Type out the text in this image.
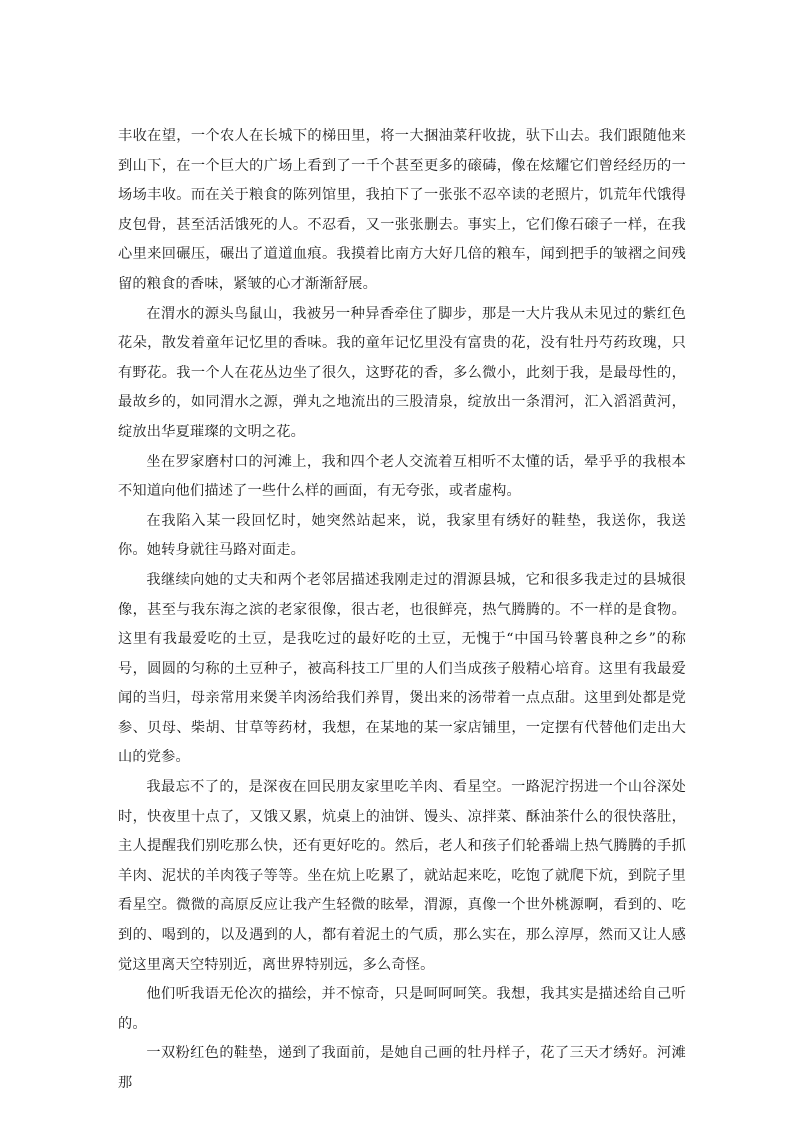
丰收在望，一个农人在长城下的梯田里，将一大捆油菜秆收拢，驮下山去。我们跟随他来到山下，在一个巨大的广场上看到了一千个甚至更多的磙碡，像在炫耀它们曾经经历的一场场丰收。而在关于粮食的陈列馆里，我拍下了一张张不忍卒读的老照片，饥荒年代饿得皮包骨，甚至活活饿死的人。不忍看，又一张张删去。事实上，它们像石磙子一样，在我心里来回碾压，碾出了道道血痕。我摸着比南方大好几倍的粮车，闻到把手的皱褶之间残留的粮食的香味，紧皱的心才渐渐舒展。

在渭水的源头鸟鼠山，我被另一种异香牵住了脚步，那是一大片我从未见过的紫红色花朵，散发着童年记忆里的香味。我的童年记忆里没有富贵的花，没有牡丹芍药玫瑰，只有野花。我一个人在花丛边坐了很久，这野花的香，多么微小，此刻于我，是最母性的，最故乡的，如同渭水之源，弹丸之地流出的三股清泉，绽放出一条渭河，汇入滔滔黄河，绽放出华夏璀璨的文明之花。

坐在罗家磨村口的河滩上，我和四个老人交流着互相听不太懂的话，晕乎乎的我根本不知道向他们描述了一些什么样的画面，有无夸张，或者虚构。

在我陷入某一段回忆时，她突然站起来，说，我家里有绣好的鞋垫，我送你，我送你。她转身就往马路对面走。

我继续向她的丈夫和两个老邻居描述我刚走过的渭源县城，它和很多我走过的县城很像，甚至与我东海之滨的老家很像，很古老，也很鲜亮，热气腾腾的。不一样的是食物。这里有我最爱吃的土豆，是我吃过的最好吃的土豆，无愧于“中国马铃薯良种之乡”的称号，圆圆的匀称的土豆种子，被高科技工厂里的人们当成孩子般精心培育。这里有我最爱闻的当归，母亲常用来煲羊肉汤给我们养胃，煲出来的汤带着一点点甜。这里到处都是党参、贝母、柴胡、甘草等药材，我想，在某地的某一家店铺里，一定摆有代替他们走出大山的党参。

我最忘不了的，是深夜在回民朋友家里吃羊肉、看星空。一路泥泞拐进一个山谷深处时，快夜里十点了，又饿又累，炕桌上的油饼、馒头、凉拌菜、酥油茶什么的很快落肚，主人提醒我们别吃那么快，还有更好吃的。然后，老人和孩子们轮番端上热气腾腾的手抓羊肉、泥状的羊肉筏子等等。坐在炕上吃累了，就站起来吃，吃饱了就爬下炕，到院子里看星空。微微的高原反应让我产生轻微的眩晕，渭源，真像一个世外桃源啊，看到的、吃到的、喝到的，以及遇到的人，都有着泥土的气质，那么实在，那么淳厚，然而又让人感觉这里离天空特别近，离世界特别远，多么奇怪。

他们听我语无伦次的描绘，并不惊奇，只是呵呵呵笑。我想，我其实是描述给自己听的。

一双粉红色的鞋垫，递到了我面前，是她自己画的牡丹样子，花了三天才绣好。河滩那
